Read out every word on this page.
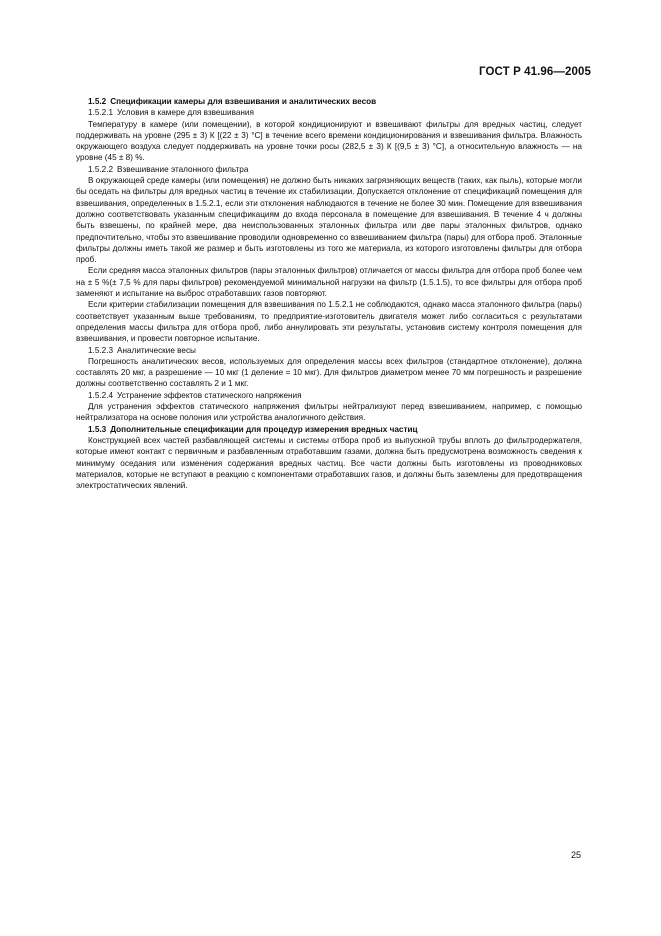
ГОСТ Р 41.96—2005

1.5.2 Спецификации камеры для взвешивания и аналитических весов

1.5.2.1 Условия в камере для взвешивания

Температуру в камере (или помещении), в которой кондиционируют и взвешивают фильтры для вредных частиц, следует поддерживать на уровне (295 ± 3) К [(22 ± 3) °С] в течение всего времени кондиционирования и взвешивания фильтра. Влажность окружающего воздуха следует поддерживать на уровне точки росы (282,5 ± 3) К [(9,5 ± 3) °С], а относительную влажность — на уровне (45 ± 8) %.

1.5.2.2 Взвешивание эталонного фильтра

В окружающей среде камеры (или помещения) не должно быть никаких загрязняющих веществ (таких, как пыль), которые могли бы оседать на фильтры для вредных частиц в течение их стабилизации. Допускается отклонение от спецификаций помещения для взвешивания, определенных в 1.5.2.1, если эти отклонения наблюдаются в течение не более 30 мин. Помещение для взвешивания должно соответствовать указанным спецификациям до входа персонала в помещение для взвешивания. В течение 4 ч должны быть взвешены, по крайней мере, два неиспользованных эталонных фильтра или две пары эталонных фильтров, однако предпочтительно, чтобы это взвешивание проводили одновременно со взвешиванием фильтра (пары) для отбора проб. Эталонные фильтры должны иметь такой же размер и быть изготовлены из того же материала, из которого изготовлены фильтры для отбора проб.

Если средняя масса эталонных фильтров (пары эталонных фильтров) отличается от массы фильтра для отбора проб более чем на ± 5 %(± 7,5 % для пары фильтров) рекомендуемой минимальной нагрузки на фильтр (1.5.1.5), то все фильтры для отбора проб заменяют и испытание на выброс отработавших газов повторяют.

Если критерии стабилизации помещения для взвешивания по 1.5.2.1 не соблюдаются, однако масса эталонного фильтра (пары) соответствует указанным выше требованиям, то предприятие-изготовитель двигателя может либо согласиться с результатами определения массы фильтра для отбора проб, либо аннулировать эти результаты, установив систему контроля помещения для взвешивания, и провести повторное испытание.

1.5.2.3 Аналитические весы

Погрешность аналитических весов, используемых для определения массы всех фильтров (стандартное отклонение), должна составлять 20 мкг, а разрешение — 10 мкг (1 деление = 10 мкг). Для фильтров диаметром менее 70 мм погрешность и разрешение должны соответственно составлять 2 и 1 мкг.

1.5.2.4 Устранение эффектов статического напряжения

Для устранения эффектов статического напряжения фильтры нейтрализуют перед взвешиванием, например, с помощью нейтрализатора на основе полония или устройства аналогичного действия.

1.5.3 Дополнительные спецификации для процедур измерения вредных частиц

Конструкцией всех частей разбавляющей системы и системы отбора проб из выпускной трубы вплоть до фильтродержателя, которые имеют контакт с первичным и разбавленным отработавшим газами, должна быть предусмотрена возможность сведения к минимуму оседания или изменения содержания вредных частиц. Все части должны быть изготовлены из проводниковых материалов, которые не вступают в реакцию с компонентами отработавших газов, и должны быть заземлены для предотвращения электростатических явлений.

25
